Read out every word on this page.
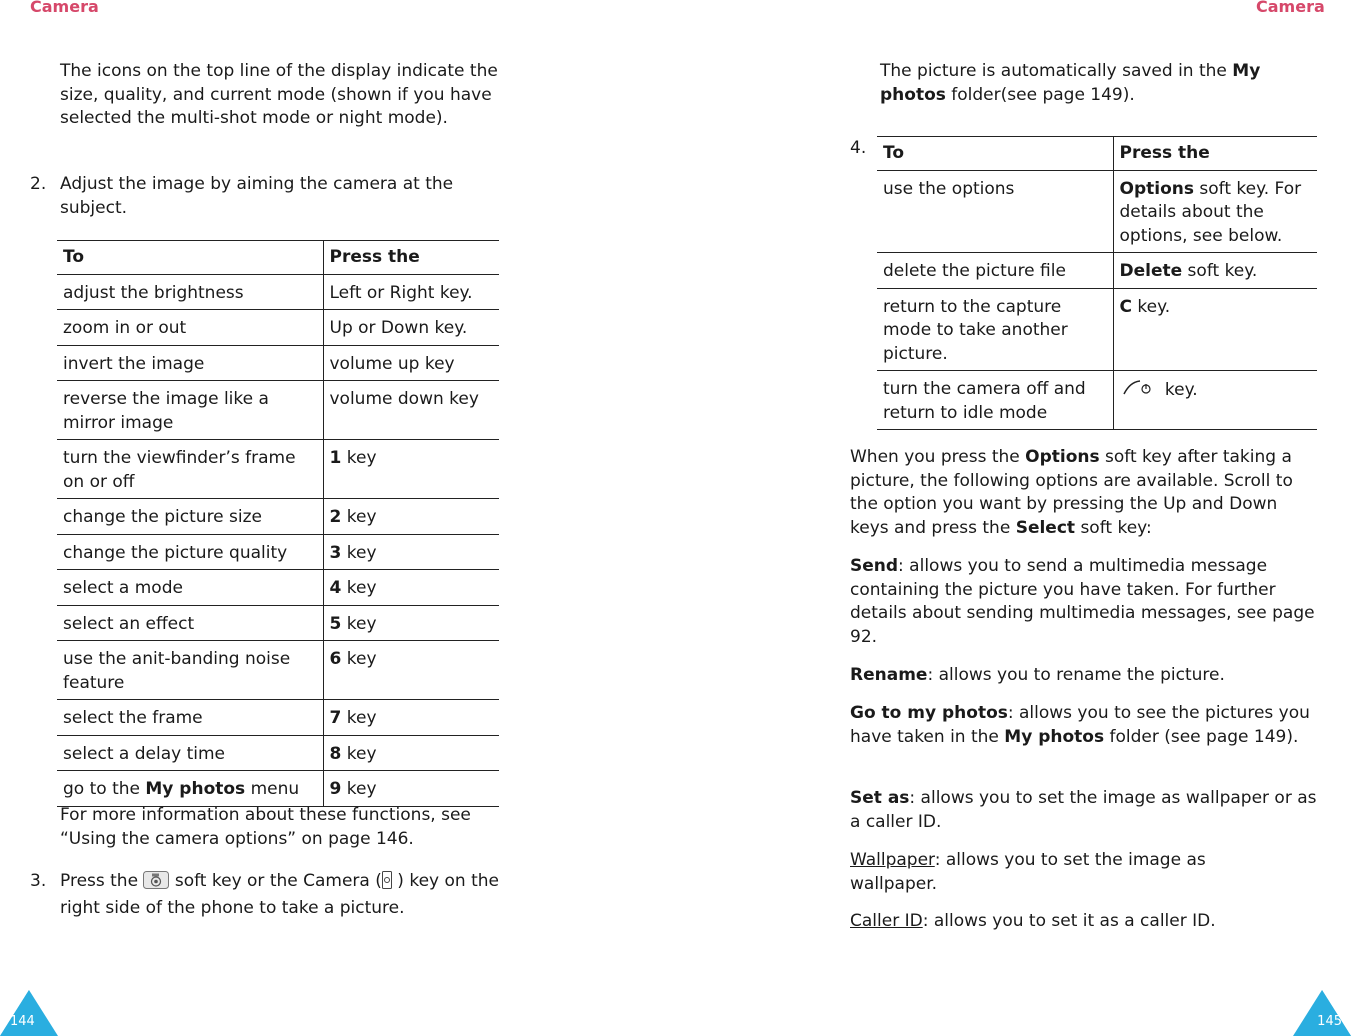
Camera

The icons on the top line of the display indicate the size, quality, and current mode (shown if you have selected the multi-shot mode or night mode).

2. Adjust the image by aiming the camera at the subject.

To	Press the
adjust the brightness	Left or Right key.
zoom in or out	Up or Down key.
invert the image	volume up key
reverse the image like a mirror image	volume down key
turn the viewfinder’s frame on or off	1 key
change the picture size	2 key
change the picture quality	3 key
select a mode	4 key
select an effect	5 key
use the anit-banding noise feature	6 key
select the frame	7 key
select a delay time	8 key
go to the My photos menu	9 key

For more information about these functions, see “Using the camera options” on page 146.

3. Press the  soft key or the Camera ( ) key on the right side of the phone to take a picture.

144
Camera

The picture is automatically saved in the My photos folder(see page 149).

4. To	Press the
use the options	Options soft key. For details about the options, see below.
delete the picture file	Delete soft key.
return to the capture mode to take another picture.	C key.
turn the camera off and return to idle mode	key.

When you press the Options soft key after taking a picture, the following options are available. Scroll to the option you want by pressing the Up and Down keys and press the Select soft key:

Send: allows you to send a multimedia message containing the picture you have taken. For further details about sending multimedia messages, see page 92.

Rename: allows you to rename the picture.

Go to my photos: allows you to see the pictures you have taken in the My photos folder (see page 149).

Set as: allows you to set the image as wallpaper or as a caller ID.

Wallpaper: allows you to set the image as wallpaper.

Caller ID: allows you to set it as a caller ID.

145
